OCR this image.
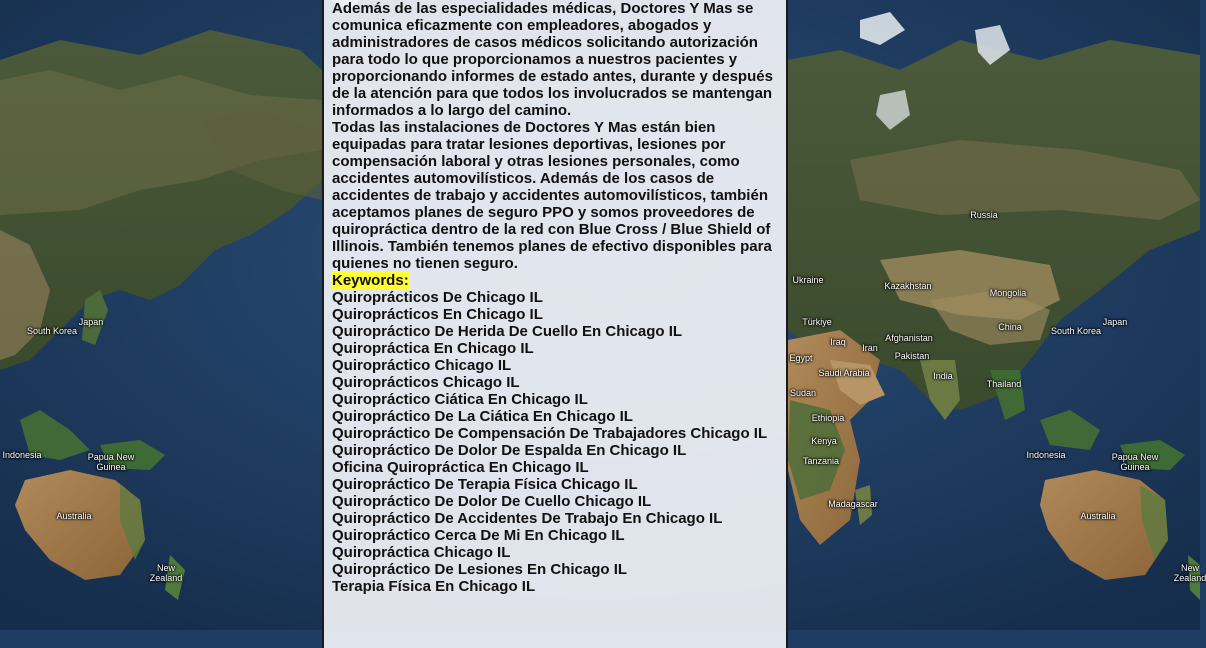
South Korea
Japan
Indonesia	Papua New
Guinea
Australia
New
Zealand
Russia
Ukraine
Kazakhstan
Mongolia
Türkiye
Iraq
Iran
Afghanistan
China	South Korea
Japan
Egypt	Pakistan
Saudi Arabia	India
Thailand
Sudan
Ethiopia
Kenya
Tanzania
Indonesia	Papua New
Guinea
Madagascar
Australia
New
Zealand

Además de las especialidades médicas, Doctores Y Mas se comunica eficazmente con empleadores, abogados y administradores de casos médicos solicitando autorización para todo lo que proporcionamos a nuestros pacientes y proporcionando informes de estado antes, durante y después de la atención para que todos los involucrados se mantengan informados a lo largo del camino.

Todas las instalaciones de Doctores Y Mas están bien equipadas para tratar lesiones deportivas, lesiones por compensación laboral y otras lesiones personales, como accidentes automovilísticos. Además de los casos de accidentes de trabajo y accidentes automovilísticos, también aceptamos planes de seguro PPO y somos proveedores de quiropráctica dentro de la red con Blue Cross / Blue Shield of Illinois. También tenemos planes de efectivo disponibles para quienes no tienen seguro.

Keywords:

Quiroprácticos De Chicago IL

Quiroprácticos En Chicago IL

Quiropráctico De Herida De Cuello En Chicago IL

Quiropráctica En Chicago IL

Quiropráctico Chicago IL

Quiroprácticos Chicago IL

Quiropráctico Ciática En Chicago IL

Quiropráctico De La Ciática En Chicago IL

Quiropráctico De Compensación De Trabajadores Chicago IL

Quiropráctico De Dolor De Espalda En Chicago IL

Oficina Quiropráctica En Chicago IL

Quiropráctico De Terapia Física Chicago IL

Quiropráctico De Dolor De Cuello Chicago IL

Quiropráctico De Accidentes De Trabajo En Chicago IL

Quiropráctico Cerca De Mi En Chicago IL

Quiropráctica Chicago IL

Quiropráctico De Lesiones En Chicago IL

Terapia Física En Chicago IL
